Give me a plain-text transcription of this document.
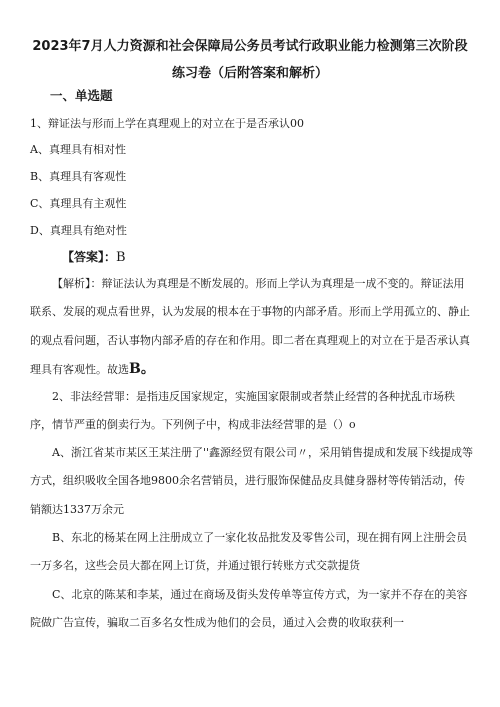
2023年7月人力资源和社会保障局公务员考试行政职业能力检测第三次阶段
练习卷（后附答案和解析）
一、单选题
1、辩证法与形而上学在真理观上的对立在于是否承认00
A、真理具有相对性
B、真理具有客观性
C、真理具有主观性
D、真理具有绝对性
【答案】：B
【解析】：辩证法认为真理是不断发展的。形而上学认为真理是一成不变的。辩证法用联系、发展的观点看世界，认为发展的根本在于事物的内部矛盾。形而上学用孤立的、静止的观点看问题，否认事物内部矛盾的存在和作用。即二者在真理观上的对立在于是否承认真理具有客观性。故选B。
2、非法经营罪：是指违反国家规定，实施国家限制或者禁止经营的各种扰乱市场秩序，情节严重的倒卖行为。下列例子中，构成非法经营罪的是（）o
A、浙江省某市某区王某注册了''鑫源经贸有限公司〃，采用销售提成和发展下线提成等方式，组织吸收全国各地9800余名营销员，进行服饰保健品皮具健身器材等传销活动，传销额达1337万余元
B、东北的杨某在网上注册成立了一家化妆品批发及零售公司，现在拥有网上注册会员一万多名，这些会员大都在网上订货，并通过银行转账方式交款提货
C、北京的陈某和李某，通过在商场及街头发传单等宣传方式，为一家并不存在的美容院做广告宣传，骗取二百多名女性成为他们的会员，通过入会费的收取获利一
